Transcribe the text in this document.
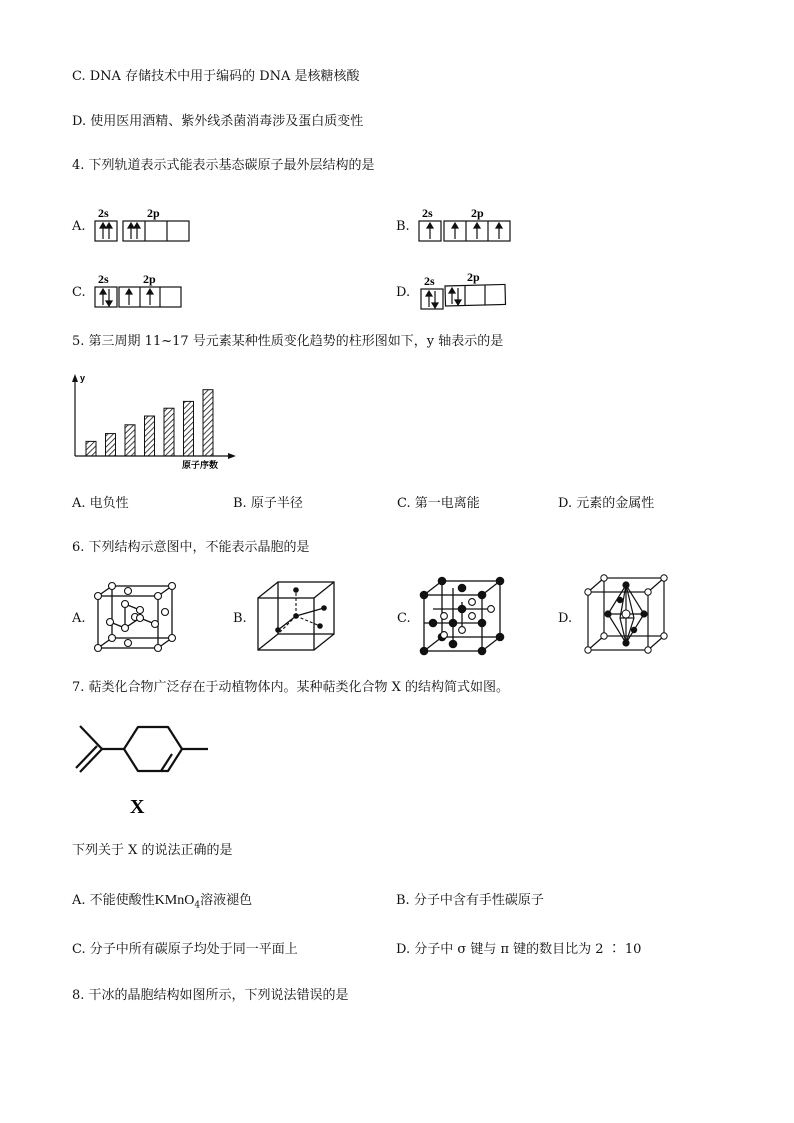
C. DNA 存储技术中用于编码的 DNA 是核糖核酸
D. 使用医用酒精、紫外线杀菌消毒涉及蛋白质变性
4. 下列轨道表示式能表示基态碳原子最外层结构的是
A.
2s	2p
B.
2s	2p
C.
2s	2p
D.
2s	2p
5. 第三周期 11~17 号元素某种性质变化趋势的柱形图如下，y 轴表示的是
y
原子序数
A. 电负性	B. 原子半径	C. 第一电离能	D. 元素的金属性
6. 下列结构示意图中，不能表示晶胞的是
A.	B.	C.	D.
7. 萜类化合物广泛存在于动植物体内。某种萜类化合物 X 的结构简式如图。
X
下列关于 X 的说法正确的是
A. 不能使酸性KMnO$_4$溶液褪色	B. 分子中含有手性碳原子
C. 分子中所有碳原子均处于同一平面上	D. 分子中 σ 键与 π 键的数目比为 2 ∶ 10
8. 干冰的晶胞结构如图所示，下列说法错误的是
